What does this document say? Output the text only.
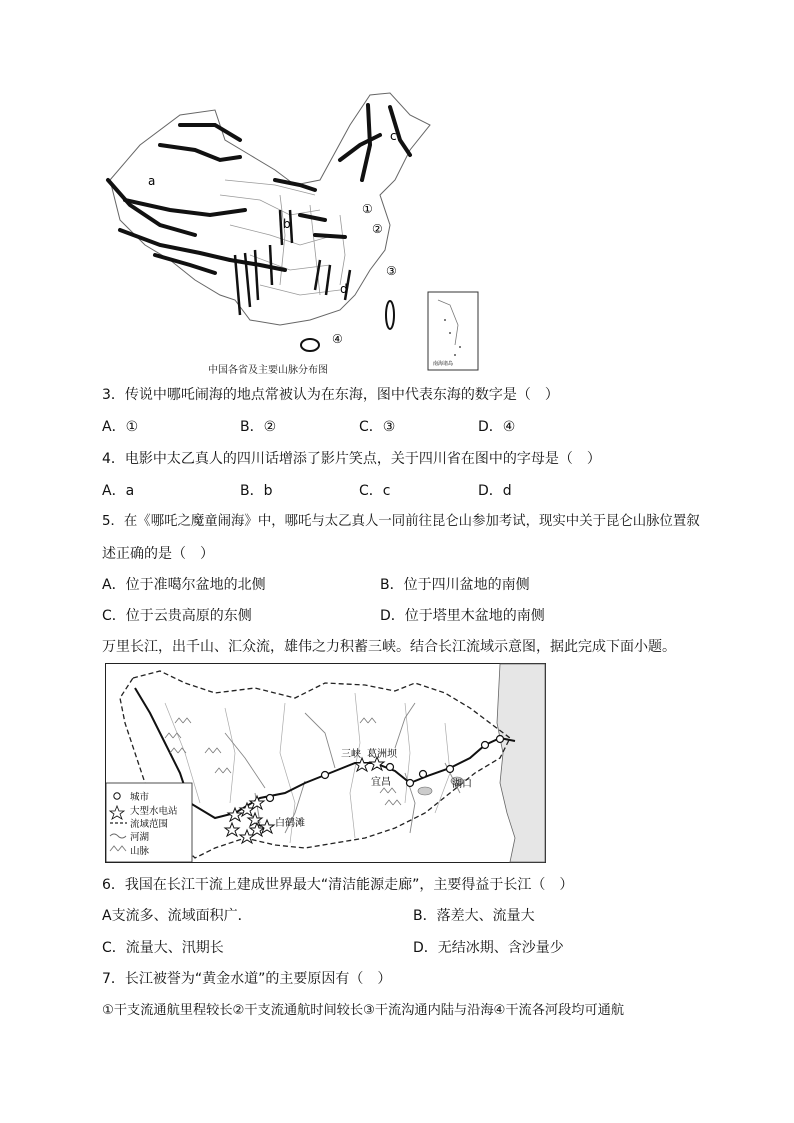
a
b
c
d
①
②
③
④
南海诸岛
中国各省及主要山脉分布图
3．传说中哪吒闹海的地点常被认为在东海，图中代表东海的数字是（　）
A．①	B．②	C．③	D．④
4．电影中太乙真人的四川话增添了影片笑点，关于四川省在图中的字母是（　）
A．a	B．b	C．c	D．d
5．在《哪吒之魔童闹海》中，哪吒与太乙真人一同前往昆仑山参加考试，现实中关于昆仑山脉位置叙
述正确的是（　）
A．位于准噶尔盆地的北侧	B．位于四川盆地的南侧
C．位于云贵高原的东侧	D．位于塔里木盆地的南侧
万里长江，出千山、汇众流，雄伟之力积蓄三峡。结合长江流域示意图，据此完成下面小题。
三峡 葛洲坝
宜昌	湖口
白鹤滩
城市
大型水电站
流域范围
河湖
山脉
6．我国在长江干流上建成世界最大“清洁能源走廊”，主要得益于长江（　）
A支流多、流域面积广．	B．落差大、流量大
C．流量大、汛期长	D．无结冰期、含沙量少
7．长江被誉为“黄金水道”的主要原因有（　）
①干支流通航里程较长②干支流通航时间较长③干流沟通内陆与沿海④干流各河段均可通航
